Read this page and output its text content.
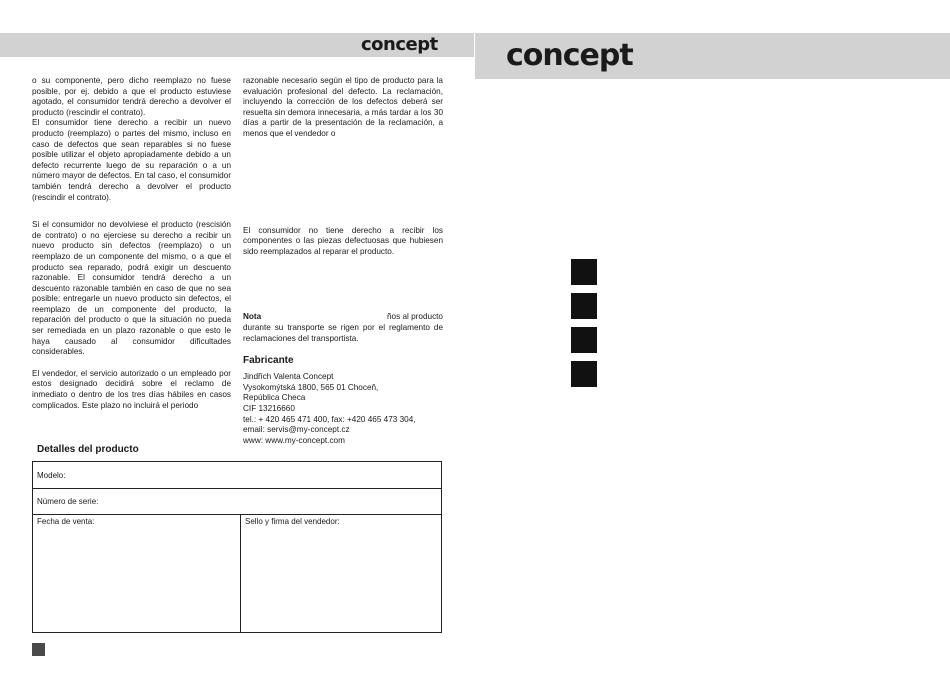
concept concept

o su componente, pero dicho reemplazo no fuese posible, por ej. debido a que el producto estuviese agotado, el consumidor tendrá derecho a devolver el producto (rescindir el contrato).

El consumidor tiene derecho a recibir un nuevo producto (reemplazo) o partes del mismo, incluso en caso de defectos que sean reparables si no fuese posible utilizar el objeto apropiadamente debido a un defecto recurrente luego de su reparación o a un número mayor de defectos. En tal caso, el consumidor también tendrá derecho a devolver el producto (rescindir el contrato).

Si el consumidor no devolviese el producto (rescisión de contrato) o no ejerciese su derecho a recibir un nuevo producto sin defectos (reemplazo) o un reemplazo de un componente del mismo, o a que el producto sea reparado, podrá exigir un descuento razonable. El consumidor tendrá derecho a un descuento razonable también en caso de que no sea posible: entregarle un nuevo producto sin defectos, el reemplazo de un componente del producto, la reparación del producto o que la situación no pueda ser remediada en un plazo razonable o que esto le haya causado al consumidor dificultades considerables.

El vendedor, el servicio autorizado o un empleado por estos designado decidirá sobre el reclamo de inmediato o dentro de los tres días hábiles en casos complicados. Este plazo no incluirá el periodo

razonable necesario según el tipo de producto para la evaluación profesional del defecto. La reclamación, incluyendo la corrección de los defectos deberá ser resuelta sin demora innecesaria, a más tardar a los 30 días a partir de la presentación de la reclamación, a menos que el vendedor o

El consumidor no tiene derecho a recibir los componentes o las piezas defectuosas que hubiesen sido reemplazados al reparar el producto.

Nota	ños al producto

durante su transporte se rigen por el reglamento de reclamaciones del transportista.

Fabricante

Jindřich Valenta Concept
Vysokomýtská 1800, 565 01 Choceň,
República Checa
CIF 13216660
tel.: + 420 465 471 400, fax: +420 465 473 304,
email: servis@my-concept.cz
www: www.my-concept.com
Detalles del producto
Modelo:
Número de serie:
Fecha de venta:	Sello y firma del vendedor:
